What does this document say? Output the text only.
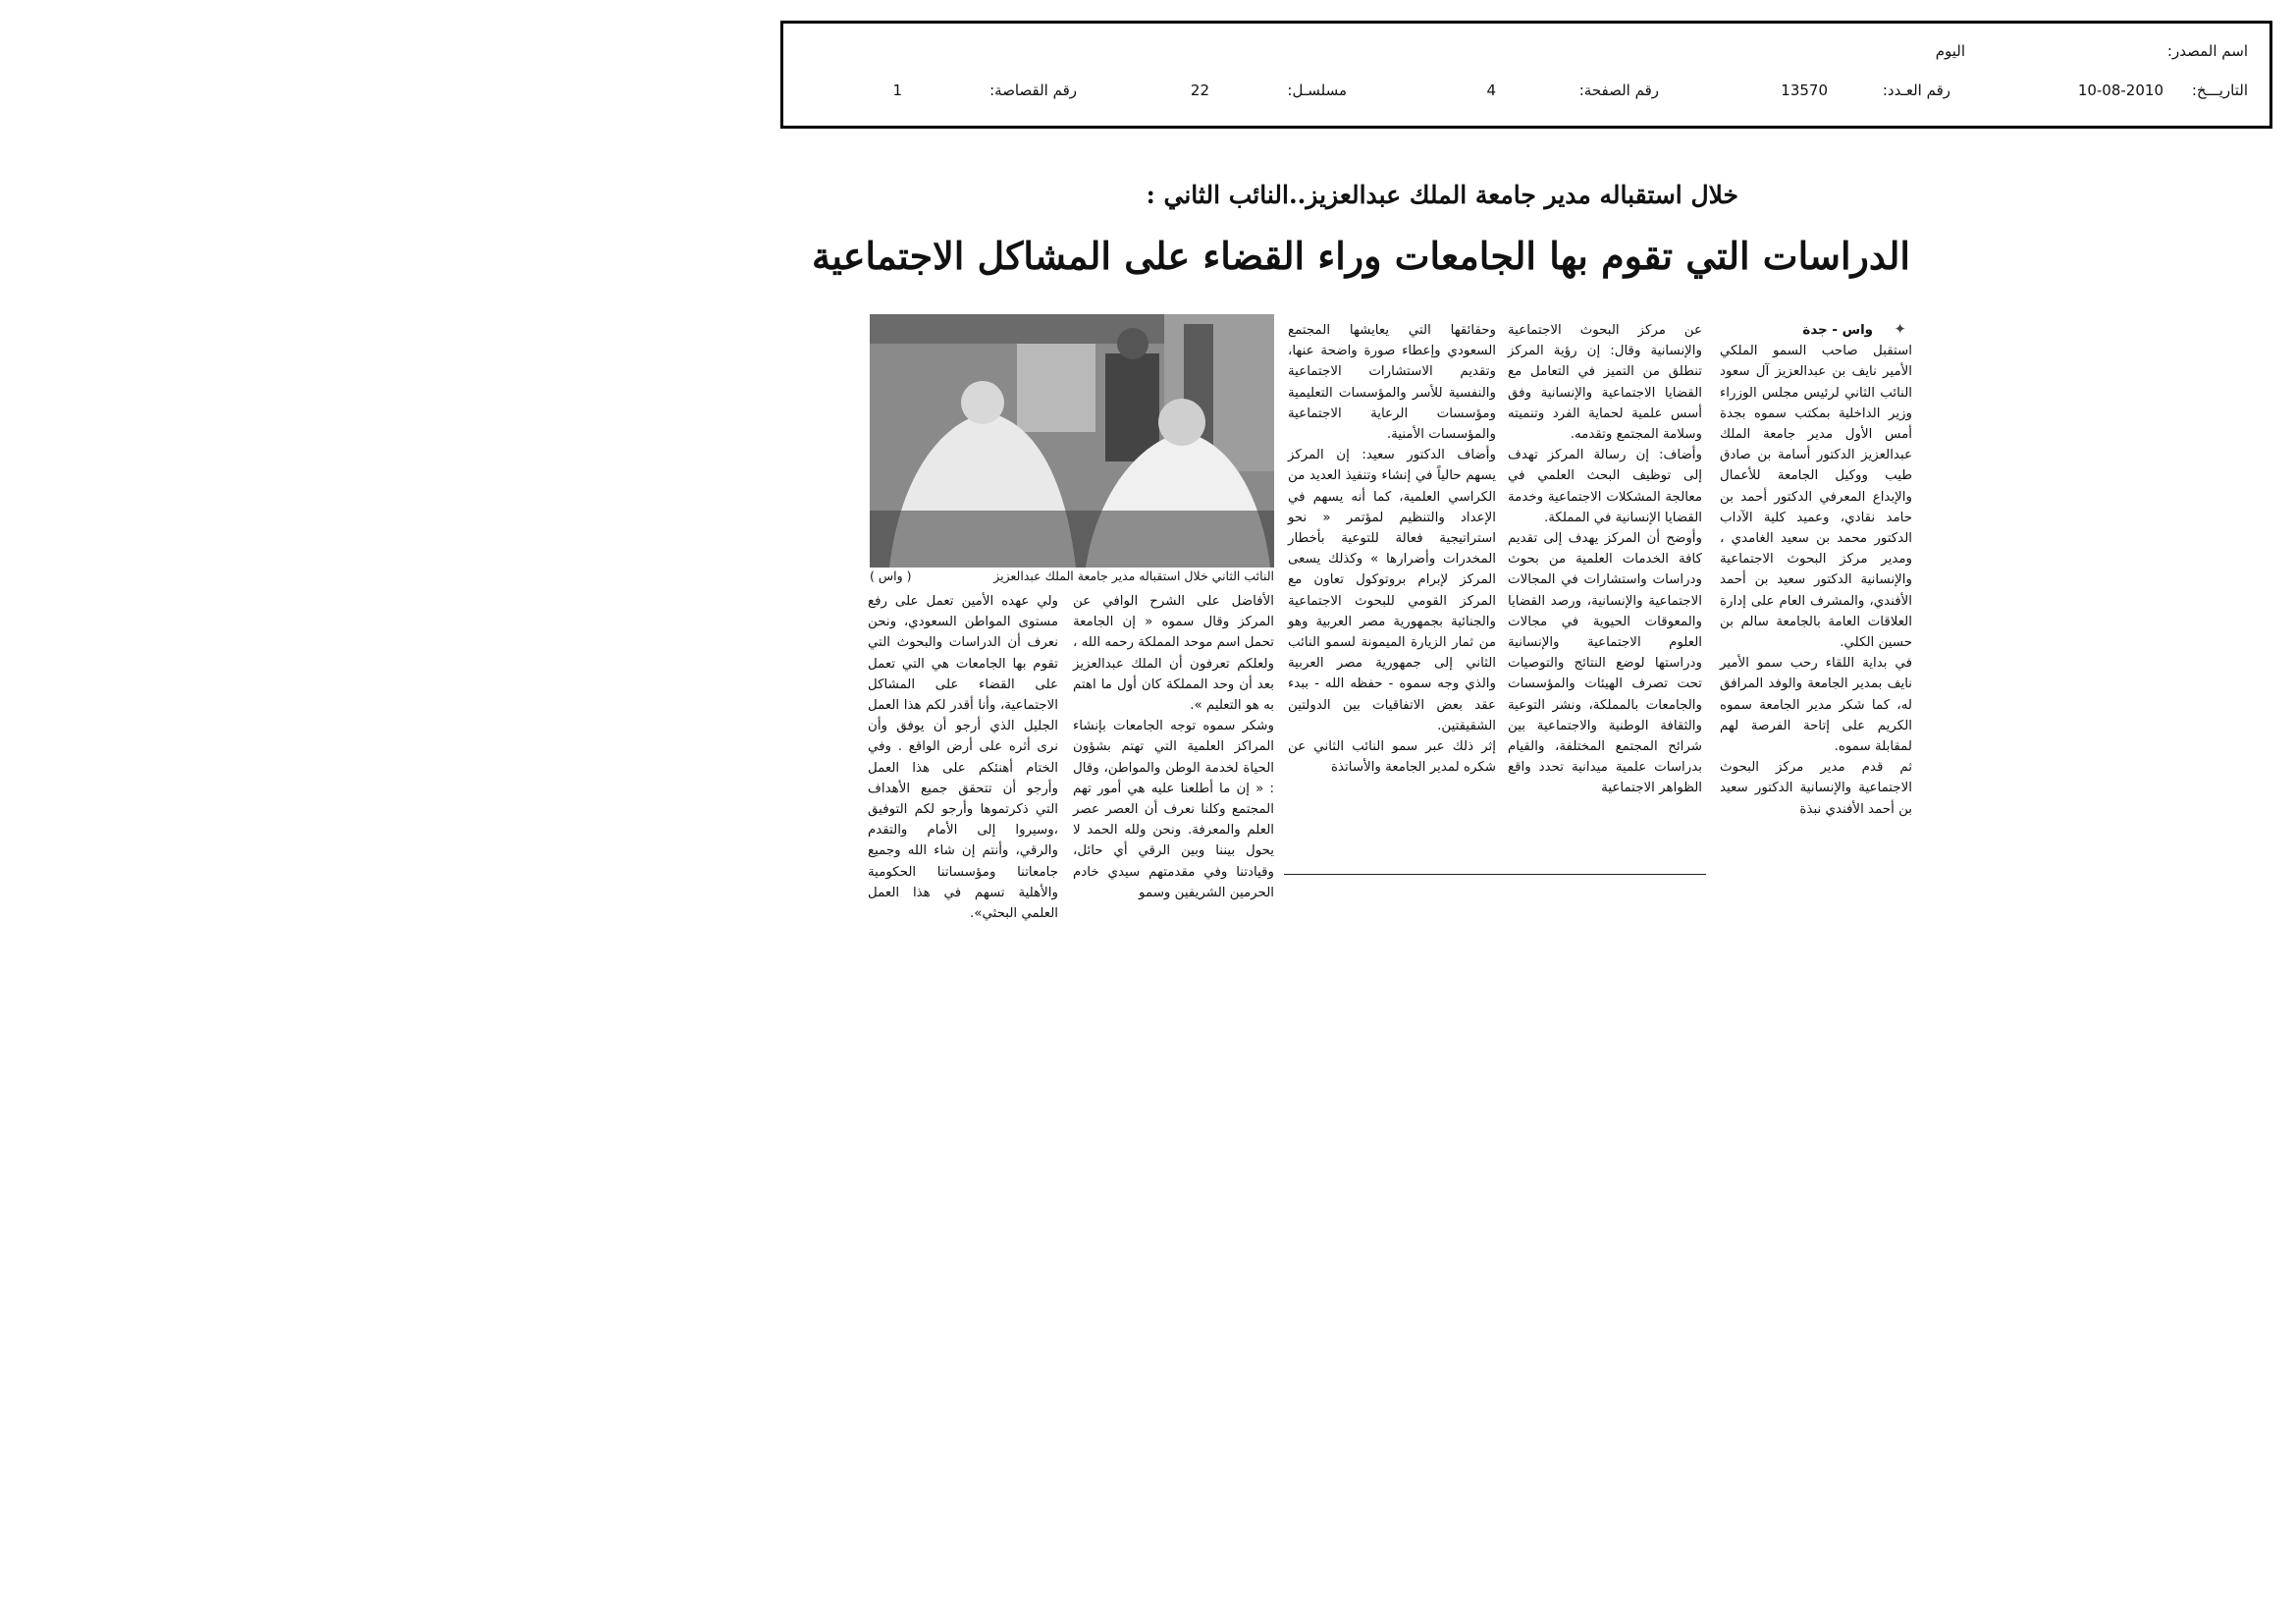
اسم المصدر:
اليوم
التاريـــخ:
10-08-2010
رقم العـدد:
13570
رقم الصفحة:
4
مسلسـل:
22
رقم القصاصة:
1
خلال استقباله مدير جامعة الملك عبدالعزيز..النائب الثاني :
الدراسات التي تقوم بها الجامعات وراء القضاء على المشاكل الاجتماعية
✦

واس - جدة

استقبل صاحب السمو الملكي الأمير نايف بن عبدالعزيز آل سعود النائب الثاني لرئيس مجلس الوزراء وزير الداخلية بمكتب سموه بجدة أمس الأول مدير جامعة الملك عبدالعزيز الدكتور أسامة بن صادق طيب ووكيل الجامعة للأعمال والإبداع المعرفي الدكتور أحمد بن حامد نقادي، وعميد كلية الآداب الدكتور محمد بن سعيد الغامدي ، ومدير مركز البحوث الاجتماعية والإنسانية الدكتور سعيد بن أحمد الأفندي، والمشرف العام على إدارة العلاقات العامة بالجامعة سالم بن حسين الكلي.

في بداية اللقاء رحب سمو الأمير نايف بمدير الجامعة والوفد المرافق له، كما شكر مدير الجامعة سموه الكريم على إتاحة الفرصة لهم لمقابلة سموه.

ثم قدم مدير مركز البحوث الاجتماعية والإنسانية الدكتور سعيد بن أحمد الأفندي نبذة

عن مركز البحوث الاجتماعية والإنسانية وقال: إن رؤية المركز تنطلق من التميز في التعامل مع القضايا الاجتماعية والإنسانية وفق أسس علمية لحماية الفرد وتنميته وسلامة المجتمع وتقدمه.

وأضاف: إن رسالة المركز تهدف إلى توظيف البحث العلمي في معالجة المشكلات الاجتماعية وخدمة القضايا الإنسانية في المملكة.

وأوضح أن المركز يهدف إلى تقديم كافة الخدمات العلمية من بحوث ودراسات واستشارات في المجالات الاجتماعية والإنسانية، ورصد القضايا والمعوقات الحيوية في مجالات العلوم الاجتماعية والإنسانية ودراستها لوضع النتائج والتوصيات تحت تصرف الهيئات والمؤسسات والجامعات بالمملكة، ونشر التوعية والثقافة الوطنية والاجتماعية بين شرائح المجتمع المختلفة، والقيام بدراسات علمية ميدانية تحدد واقع الظواهر الاجتماعية

وحقائقها التي يعايشها المجتمع السعودي وإعطاء صورة واضحة عنها، وتقديم الاستشارات الاجتماعية والنفسية للأسر والمؤسسات التعليمية ومؤسسات الرعاية الاجتماعية والمؤسسات الأمنية.

وأضاف الدكتور سعيد: إن المركز يسهم حالياً في إنشاء وتنفيذ العديد من الكراسي العلمية، كما أنه يسهم في الإعداد والتنظيم لمؤتمر « نحو استراتيجية فعالة للتوعية بأخطار المخدرات وأضرارها » وكذلك يسعى المركز لإبرام بروتوكول تعاون مع المركز القومي للبحوث الاجتماعية والجنائية بجمهورية مصر العربية وهو من ثمار الزيارة الميمونة لسمو النائب الثاني إلى جمهورية مصر العربية والذي وجه سموه - حفظه الله - ببدء عقد بعض الاتفاقيات بين الدولتين الشقيقتين.

إثر ذلك عبر سمو النائب الثاني عن شكره لمدير الجامعة والأساتذة

النائب الثاني خلال استقباله مدير جامعة الملك عبدالعزيز
( واس )

الأفاضل على الشرح الوافي عن المركز وقال سموه « إن الجامعة تحمل اسم موحد المملكة رحمه الله ، ولعلكم تعرفون أن الملك عبدالعزيز بعد أن وحد المملكة كان أول ما اهتم به هو التعليم ».

وشكر سموه توجه الجامعات بإنشاء المراكز العلمية التي تهتم بشؤون الحياة لخدمة الوطن والمواطن، وقال : « إن ما أطلعنا عليه هي أمور تهم المجتمع وكلنا نعرف أن العصر عصر العلم والمعرفة. ونحن ولله الحمد لا يحول بيننا وبين الرقي أي حائل، وقيادتنا وفي مقدمتهم سيدي خادم الحرمين الشريفين وسمو

ولي عهده الأمين تعمل على رفع مستوى المواطن السعودي، ونحن نعرف أن الدراسات والبحوث التي تقوم بها الجامعات هي التي تعمل على القضاء على المشاكل الاجتماعية، وأنا أقدر لكم هذا العمل الجليل الذي أرجو أن يوفق وأن نرى أثره على أرض الواقع . وفي الختام أهنئكم على هذا العمل وأرجو أن تتحقق جميع الأهداف التي ذكرتموها وأرجو لكم التوفيق ،وسيروا إلى الأمام والتقدم والرقي، وأنتم إن شاء الله وجميع جامعاتنا ومؤسساتنا الحكومية والأهلية تسهم في هذا العمل العلمي البحثي».
